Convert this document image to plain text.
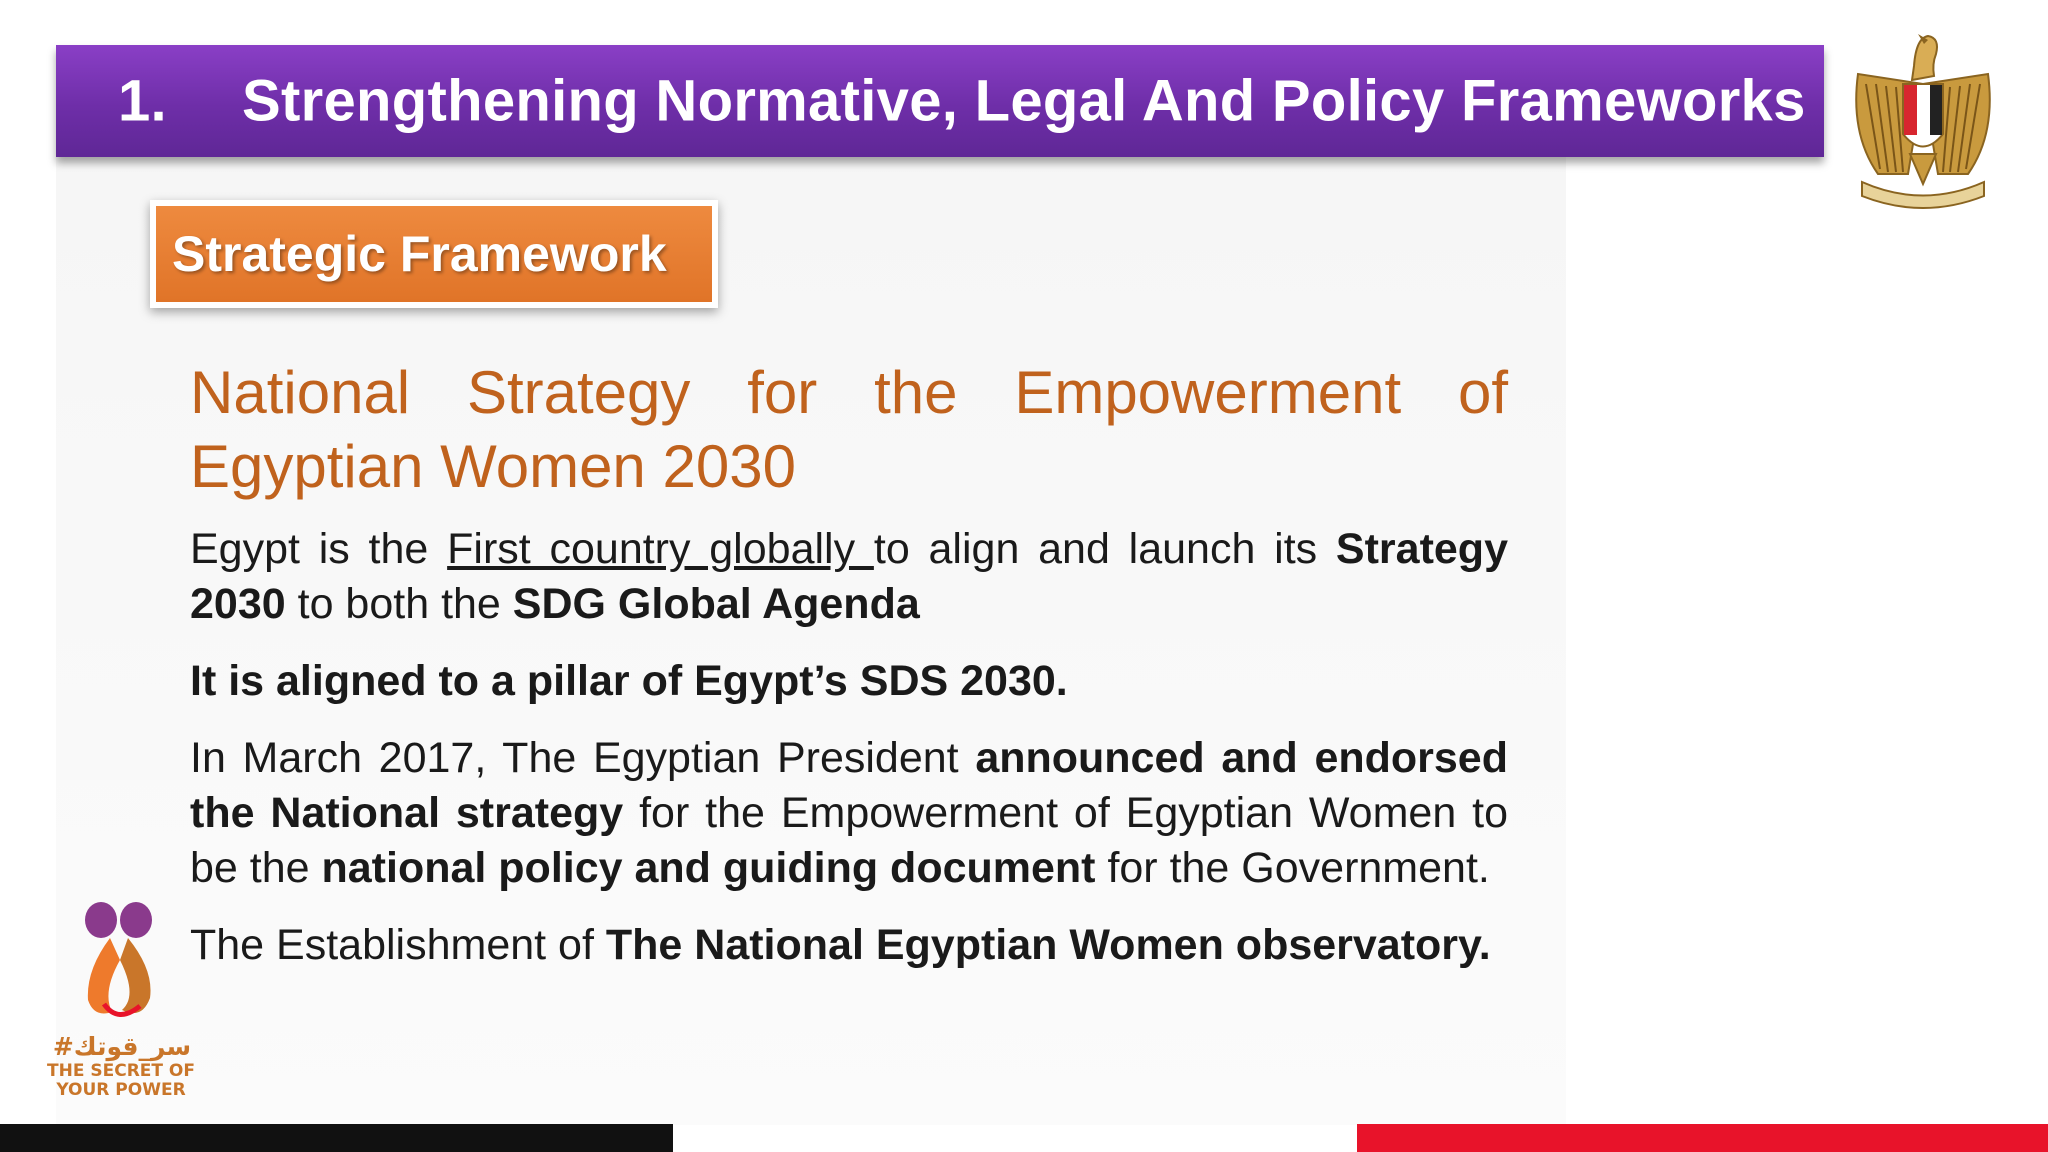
1. Strengthening Normative, Legal And Policy Frameworks
Strategic Framework

National Strategy for the Empowerment of Egyptian Women 2030

Egypt is the First country globally to align and launch its Strategy 2030 to both the SDG Global Agenda

It is aligned to a pillar of Egypt’s SDS 2030.

In March 2017, The Egyptian President announced and endorsed the National strategy for the Empowerment of Egyptian Women to be the national policy and guiding document for the Government.

The Establishment of The National Egyptian Women observatory.

#سر_قوتك
THE SECRET OF
YOUR POWER
